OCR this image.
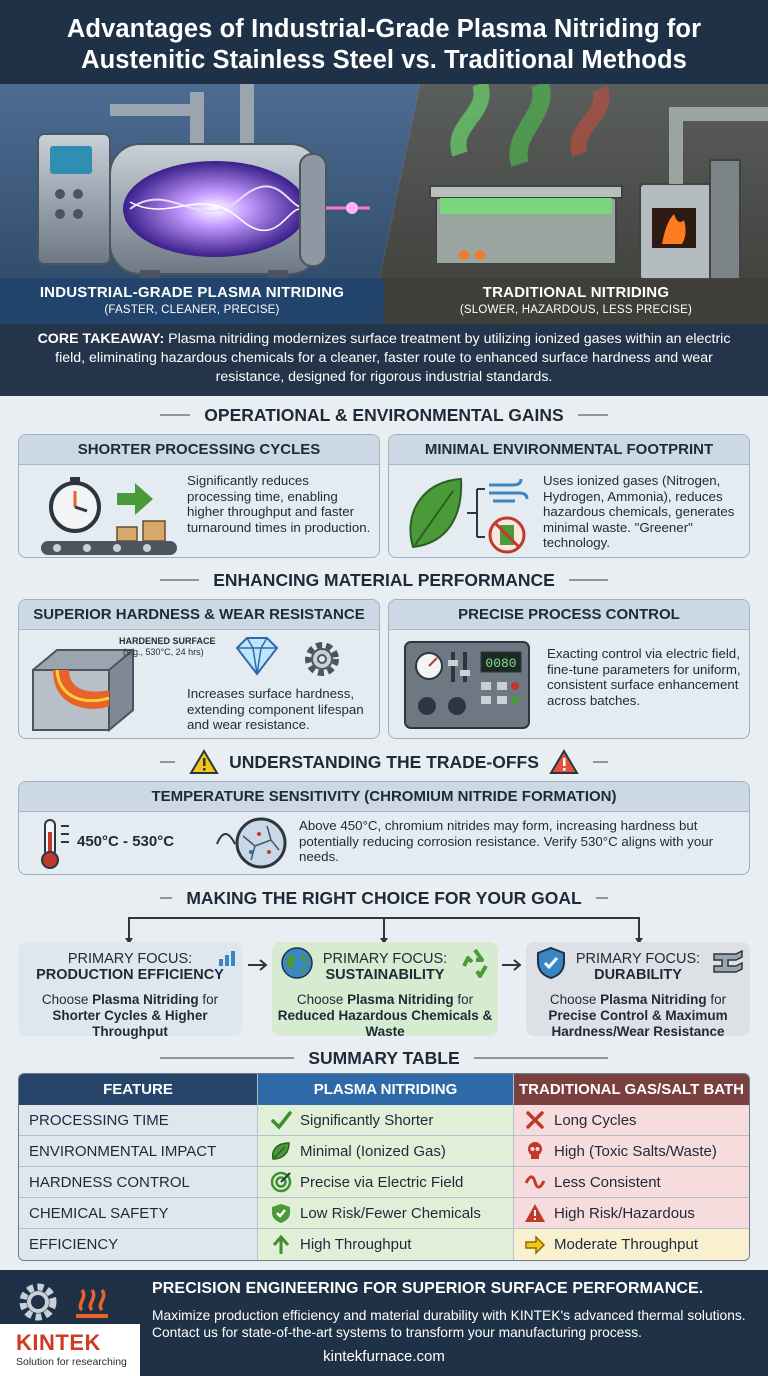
Advantages of Industrial-Grade Plasma Nitriding for
Austenitic Stainless Steel vs. Traditional Methods
INDUSTRIAL-GRADE PLASMA NITRIDING
(FASTER, CLEANER, PRECISE)
TRADITIONAL NITRIDING
(SLOWER, HAZARDOUS, LESS PRECISE)
CORE TAKEAWAY: Plasma nitriding modernizes surface treatment by utilizing ionized gases within an electric field, eliminating hazardous chemicals for a cleaner, faster route to enhanced surface hardness and wear resistance, designed for rigorous industrial standards.
OPERATIONAL & ENVIRONMENTAL GAINS
SHORTER PROCESSING CYCLES
Significantly reduces processing time, enabling higher throughput and faster turnaround times in production.
MINIMAL ENVIRONMENTAL FOOTPRINT
Uses ionized gases (Nitrogen, Hydrogen, Ammonia), reduces hazardous chemicals, generates minimal waste. "Greener" technology.
ENHANCING MATERIAL PERFORMANCE
SUPERIOR HARDNESS & WEAR RESISTANCE
HARDENED SURFACE
(s:g., 530°C, 24 hrs)
Increases surface hardness, extending component lifespan and wear resistance.
PRECISE PROCESS CONTROL
0080
Exacting control via electric field, fine-tune parameters for uniform, consistent surface enhancement across batches.
UNDERSTANDING THE TRADE-OFFS
TEMPERATURE SENSITIVITY (CHROMIUM NITRIDE FORMATION)
450°C - 530°C
Above 450°C, chromium nitrides may form, increasing hardness but potentially reducing corrosion resistance. Verify 530°C aligns with your needs.
MAKING THE RIGHT CHOICE FOR YOUR GOAL
PRIMARY FOCUS:
PRODUCTION EFFICIENCY
Choose Plasma Nitriding for Shorter Cycles & Higher Throughput
PRIMARY FOCUS:
SUSTAINABILITY
Choose Plasma Nitriding for Reduced Hazardous Chemicals & Waste
PRIMARY FOCUS:
DURABILITY
Choose Plasma Nitriding for Precise Control & Maximum Hardness/Wear Resistance
SUMMARY TABLE
FEATURE	PLASMA NITRIDING	TRADITIONAL GAS/SALT BATH
PROCESSING TIME	Significantly Shorter	Long Cycles
ENVIRONMENTAL IMPACT	Minimal (Ionized Gas)	High (Toxic Salts/Waste)
HARDNESS CONTROL	Precise via Electric Field	Less Consistent
CHEMICAL SAFETY	Low Risk/Fewer Chemicals	High Risk/Hazardous
EFFICIENCY	High Throughput	Moderate Throughput
PRECISION ENGINEERING FOR SUPERIOR SURFACE PERFORMANCE.
Maximize production efficiency and material durability with KINTEK's advanced thermal solutions. Contact us for state-of-the-art systems to transform your manufacturing process.
KINTEK
Solution for researching	kintekfurnace.com
